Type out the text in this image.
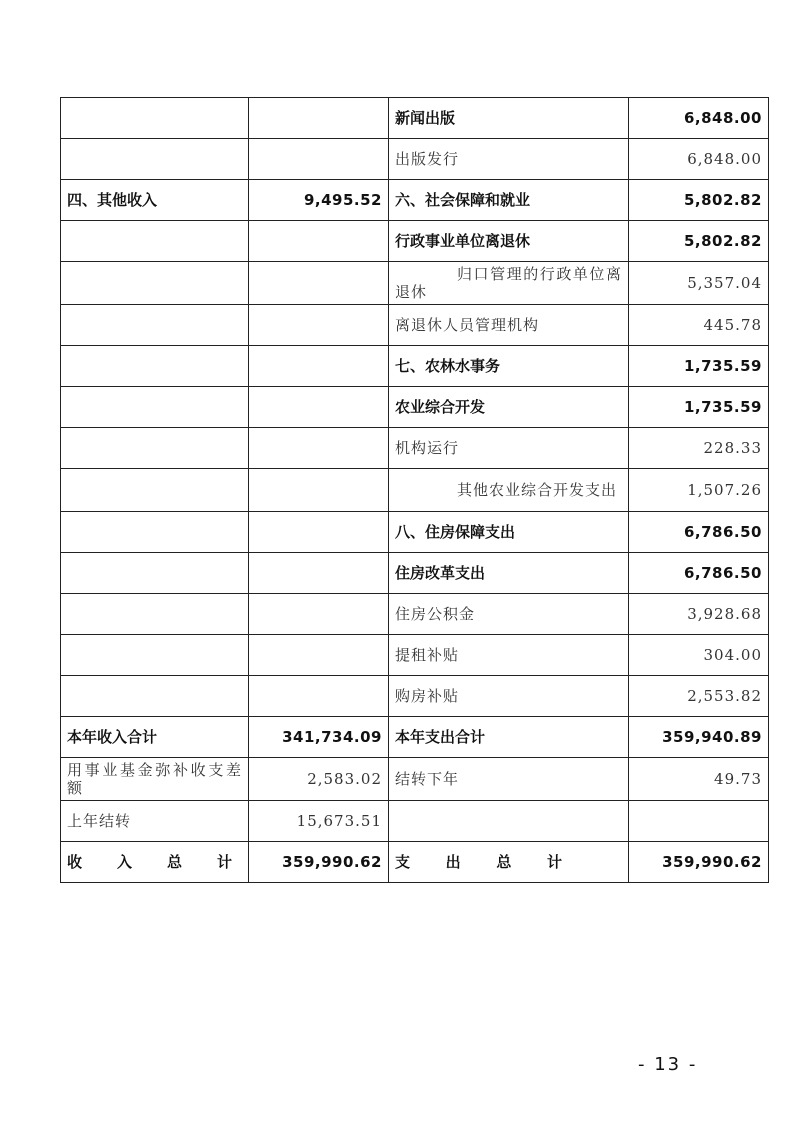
		新闻出版	6,848.00
		出版发行	6,848.00
四、其他收入	9,495.52	六、社会保障和就业	5,802.82
		行政事业单位离退休	5,802.82
		归口管理的行政单位离退休	5,357.04
		离退休人员管理机构	445.78
		七、农林水事务	1,735.59
		农业综合开发	1,735.59
		机构运行	228.33
		其他农业综合开发支出	1,507.26
		八、住房保障支出	6,786.50
		住房改革支出	6,786.50
		住房公积金	3,928.68
		提租补贴	304.00
		购房补贴	2,553.82
本年收入合计	341,734.09	本年支出合计	359,940.89
用事业基金弥补收支差额	2,583.02	结转下年	49.73
上年结转	15,673.51		

收 入 总 计	359,990.62	支 出 总 计	359,990.62
- 13 -
